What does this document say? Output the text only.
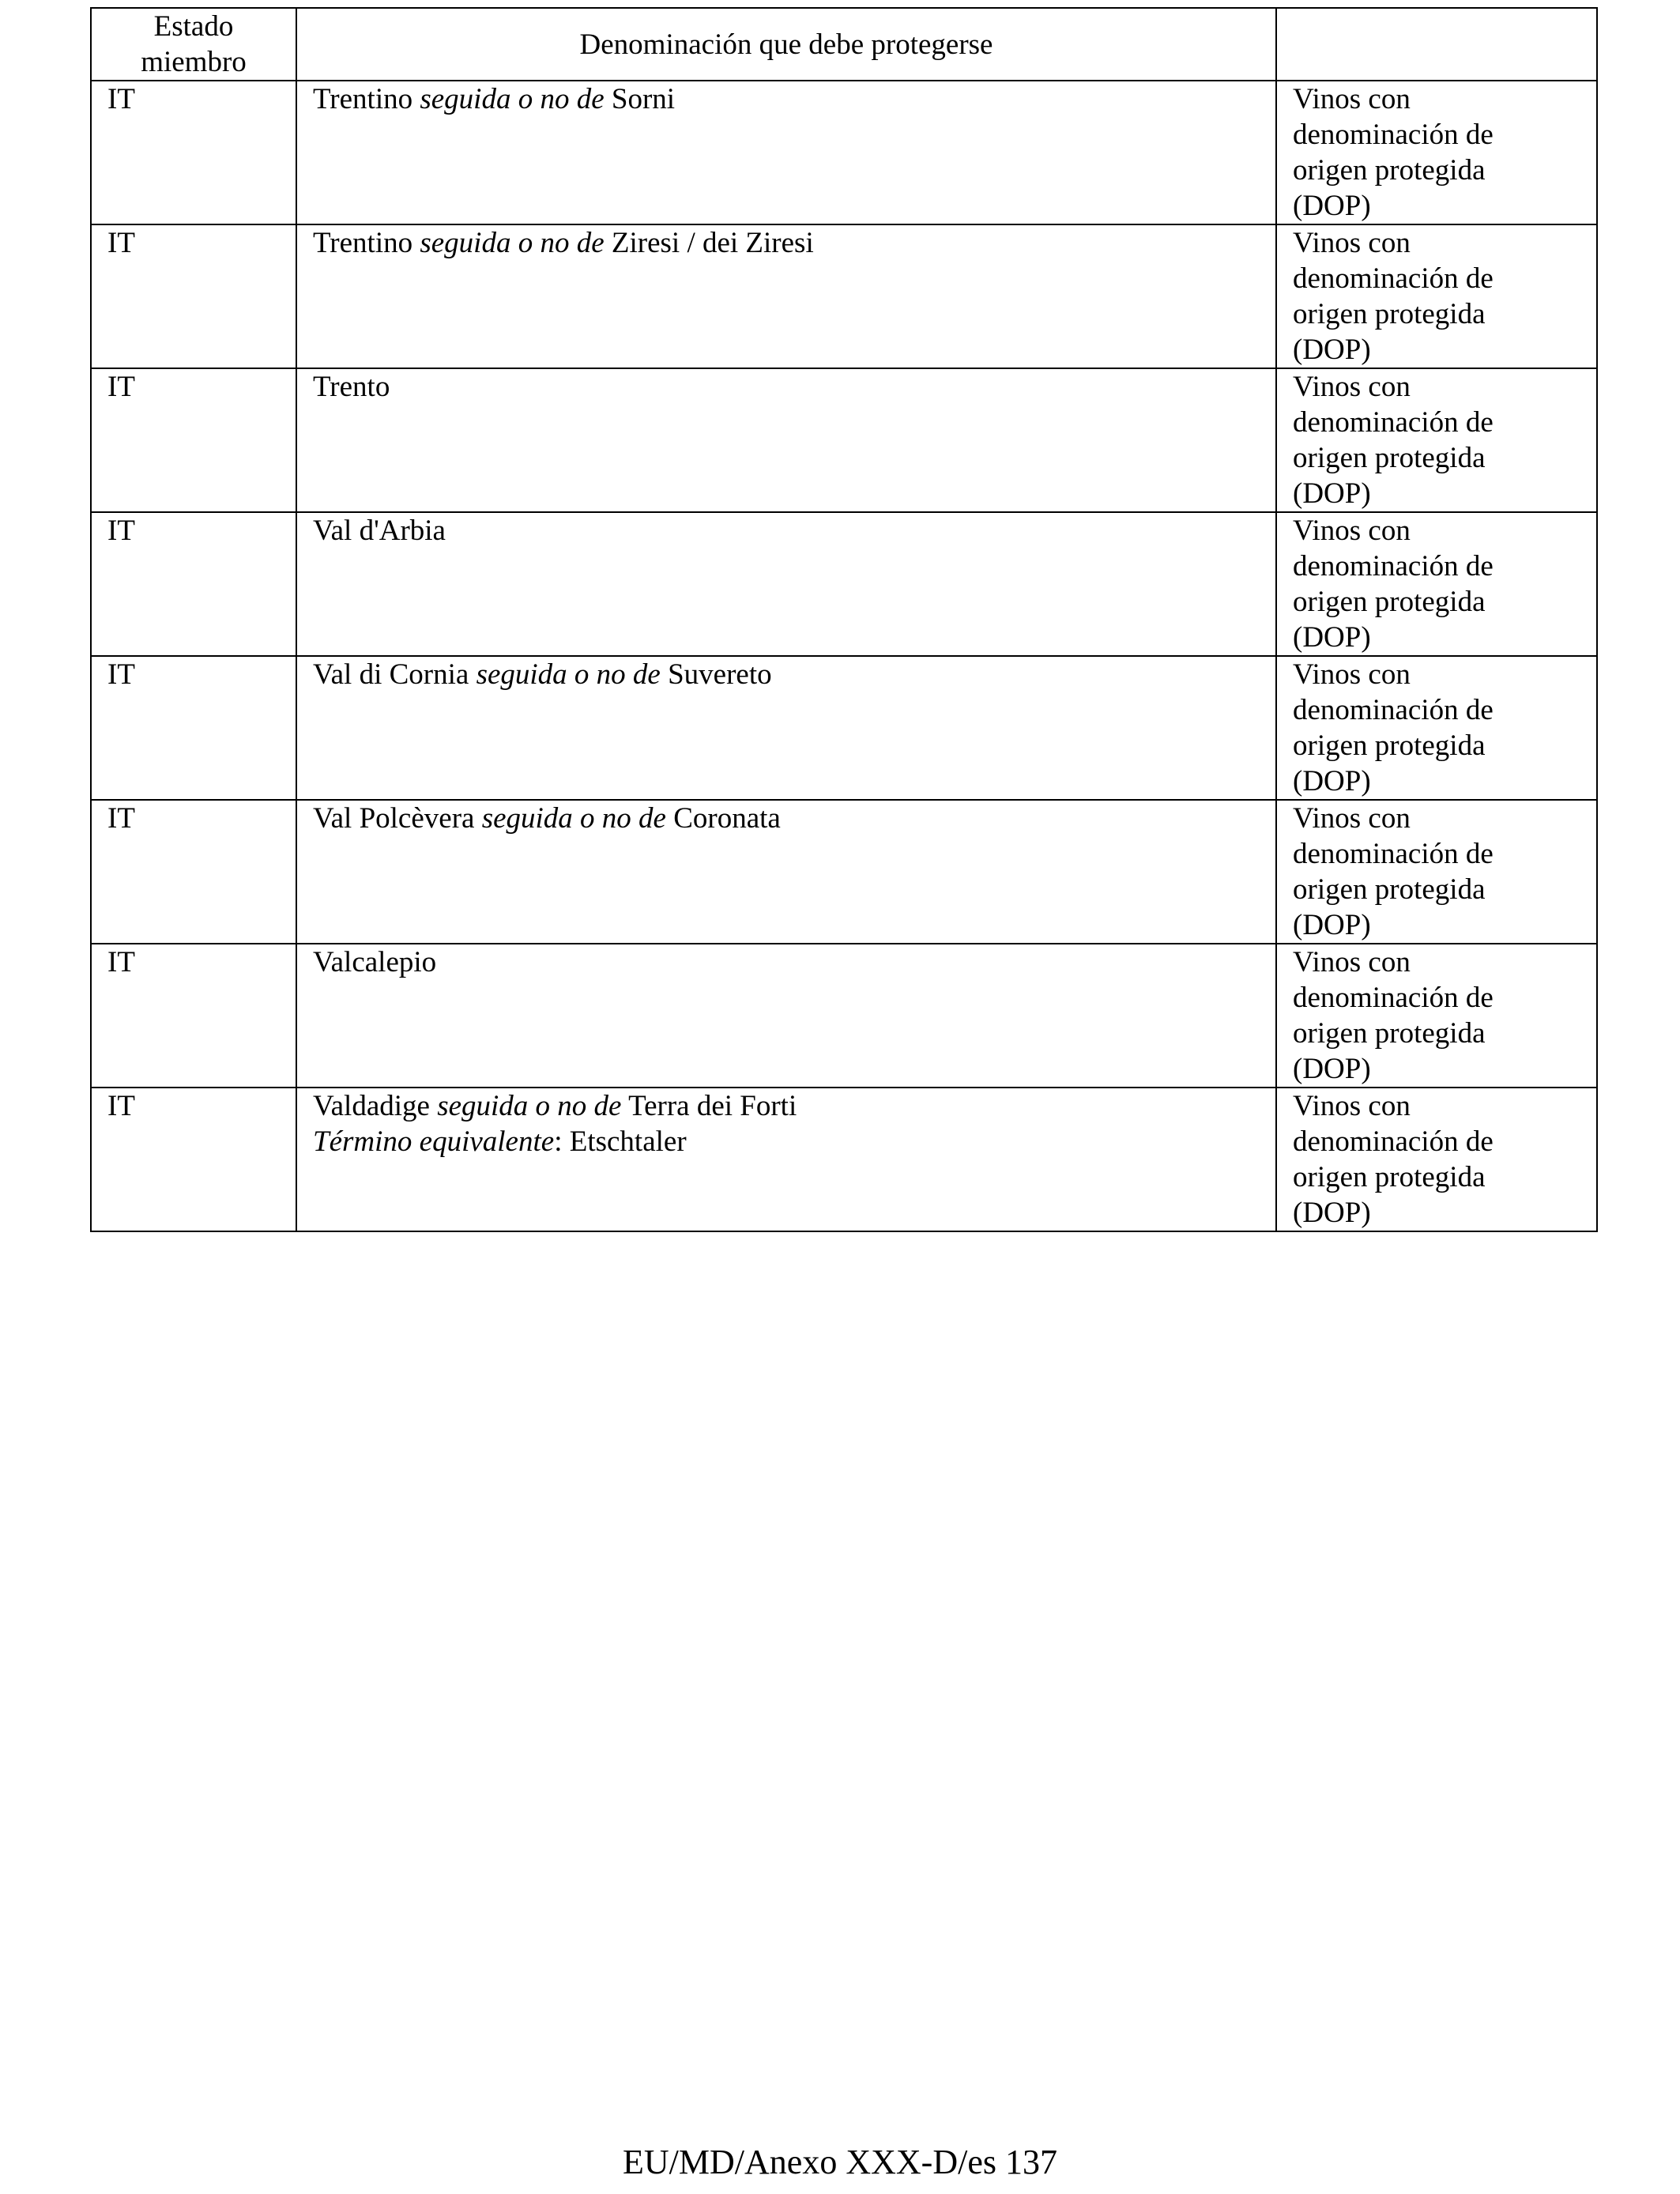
Estado miembro	Denominación que debe protegerse	
IT	Trentino seguida o no de Sorni	Vinos con
denominación de
origen protegida
(DOP)

IT	Trentino seguida o no de Ziresi / dei Ziresi	Vinos con
denominación de
origen protegida
(DOP)

IT	Trento	Vinos con
denominación de
origen protegida
(DOP)

IT	Val d'Arbia	Vinos con
denominación de
origen protegida
(DOP)

IT	Val di Cornia seguida o no de Suvereto	Vinos con
denominación de
origen protegida
(DOP)

IT	Val Polcèvera seguida o no de Coronata	Vinos con
denominación de
origen protegida
(DOP)

IT	Valcalepio	Vinos con
denominación de
origen protegida
(DOP)

IT	Valdadige seguida o no de Terra dei Forti
Término equivalente: Etschtaler	Vinos con
denominación de
origen protegida
(DOP)
EU/MD/Anexo XXX-D/es 137
